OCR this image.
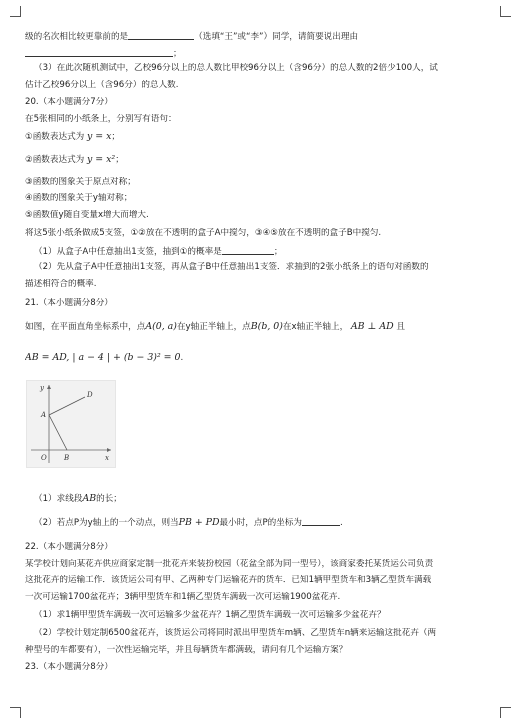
级的名次相比较更靠前的是	（选填“王”或“李”）同学，请简要说出理由
；
（3）在此次随机测试中，乙校96分以上的总人数比甲校96分以上（含96分）的总人数的2倍少100人，试
估计乙校96分以上（含96分）的总人数.
20.（本小题满分7分）
在5张相同的小纸条上，分别写有语句：
①函数表达式为 y = x；
②函数表达式为 y = x²；
③函数的图象关于原点对称；
④函数的图象关于y轴对称；
⑤函数值y随自变量x增大而增大.
将这5张小纸条做成5支签，①②放在不透明的盒子A中搅匀，③④⑤放在不透明的盒子B中搅匀.
（1）从盒子A中任意抽出1支签，抽到①的概率是	；
（2）先从盒子A中任意抽出1支签，再从盒子B中任意抽出1支签．求抽到的2张小纸条上的语句对函数的
描述相符合的概率.
21.（本小题满分8分）
如图，在平面直角坐标系中，点A(0, a)在y轴正半轴上，点B(b, 0)在x轴正半轴上， AB ⊥ AD 且
AB = AD, | a − 4 | + (b − 3)² = 0.
y
x
O
A
B
D
（1）求线段AB的长；
（2）若点P为y轴上的一个动点，则当PB + PD最小时，点P的坐标为	.
22.（本小题满分8分）
某学校计划向某花卉供应商家定制一批花卉来装扮校园（花盆全部为同一型号），该商家委托某货运公司负责
这批花卉的运输工作．该货运公司有甲、乙两种专门运输花卉的货车．已知1辆甲型货车和3辆乙型货车满载
一次可运输1700盆花卉；3辆甲型货车和1辆乙型货车满载一次可运输1900盆花卉.
（1）求1辆甲型货车满载一次可运输多少盆花卉？1辆乙型货车满载一次可运输多少盆花卉？
（2）学校计划定制6500盆花卉，该货运公司将同时派出甲型货车m辆、乙型货车n辆来运输这批花卉（两
种型号的车都要有），一次性运输完毕，并且每辆货车都满载，请问有几个运输方案？
23.（本小题满分8分）
